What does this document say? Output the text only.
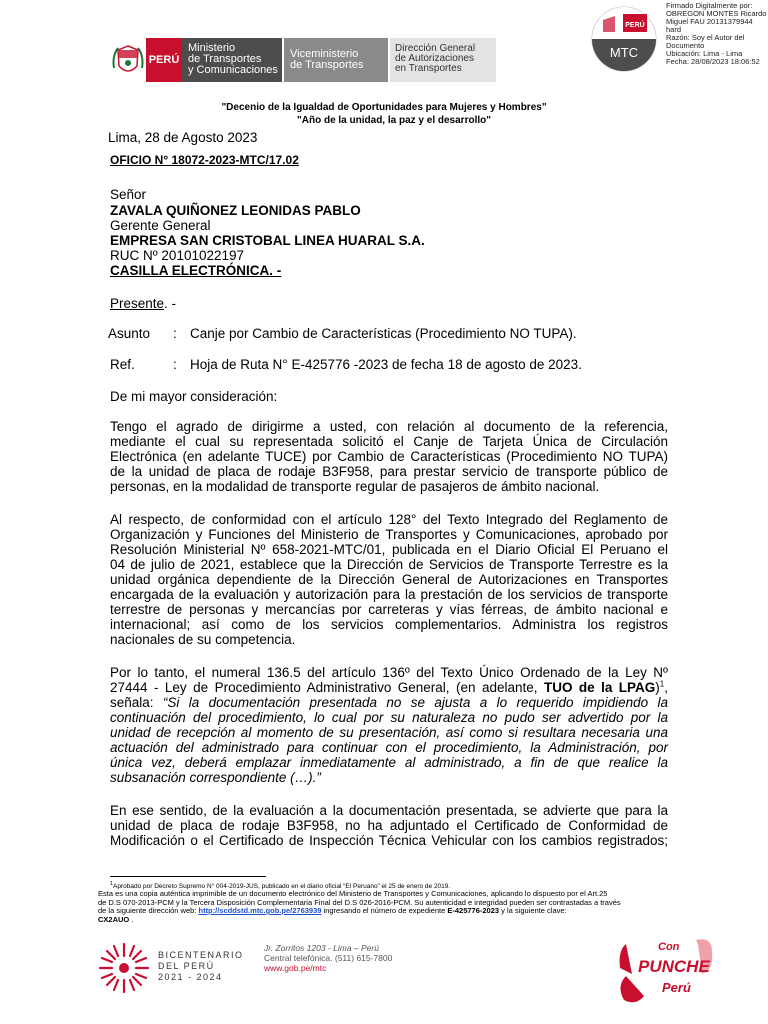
PERÚ
Ministerio
de Transportes
y Comunicaciones
Viceministerio
de Transportes
Dirección General
de Autorizaciones
en Transportes
PERÚ
MTC
Firmado Digitalmente por:
OBREGON MONTES Ricardo
Miguel FAU 20131379944
hard
Razón: Soy el Autor del
Documento
Ubicación: Lima - Lima
Fecha: 28/08/2023 18:06:52
"Decenio de la Igualdad de Oportunidades para Mujeres y Hombres"
"Año de la unidad, la paz y el desarrollo"
Lima, 28 de Agosto 2023
OFICIO N° 18072-2023-MTC/17.02
Señor
ZAVALA QUIÑONEZ LEONIDAS PABLO
Gerente General
EMPRESA SAN CRISTOBAL LINEA HUARAL S.A.
RUC Nº 20101022197
CASILLA ELECTRÓNICA. -
Presente. -
Asunto : Canje por Cambio de Características (Procedimiento NO TUPA).
Ref.	: Hoja de Ruta N° E-425776 -2023 de fecha 18 de agosto de 2023.
De mi mayor consideración:
Tengo el agrado de dirigirme a usted, con relación al documento de la referencia,
mediante el cual su representada solicitó el Canje de Tarjeta Única de Circulación
Electrónica (en adelante TUCE) por Cambio de Características (Procedimiento NO TUPA)
de la unidad de placa de rodaje B3F958, para prestar servicio de transporte público de
personas, en la modalidad de transporte regular de pasajeros de ámbito nacional.
Al respecto, de conformidad con el artículo 128° del Texto Integrado del Reglamento de
Organización y Funciones del Ministerio de Transportes y Comunicaciones, aprobado por
Resolución Ministerial Nº 658-2021-MTC/01, publicada en el Diario Oficial El Peruano el
04 de julio de 2021, establece que la Dirección de Servicios de Transporte Terrestre es la
unidad orgánica dependiente de la Dirección General de Autorizaciones en Transportes
encargada de la evaluación y autorización para la prestación de los servicios de transporte
terrestre de personas y mercancías por carreteras y vías férreas, de ámbito nacional e
internacional; así como de los servicios complementarios. Administra los registros
nacionales de su competencia.
Por lo tanto, el numeral 136.5 del artículo 136º del Texto Único Ordenado de la Ley Nº
27444 - Ley de Procedimiento Administrativo General, (en adelante, TUO de la LPAG)$^1$,
señala: “Si la documentación presentada no se ajusta a lo requerido impidiendo la
continuación del procedimiento, lo cual por su naturaleza no pudo ser advertido por la
unidad de recepción al momento de su presentación, así como si resultara necesaria una
actuación del administrado para continuar con el procedimiento, la Administración, por
única vez, deberá emplazar inmediatamente al administrado, a fin de que realice la
subsanación correspondiente (…).”
En ese sentido, de la evaluación a la documentación presentada, se advierte que para la
unidad de placa de rodaje B3F958, no ha adjuntado el Certificado de Conformidad de
Modificación o el Certificado de Inspección Técnica Vehicular con los cambios registrados;
$^1$Aprobado por Decreto Supremo N° 004-2019-JUS, publicado en el diario oficial “El Peruano” el 25 de enero de 2019.
Esta es una copia auténtica imprimible de un documento electrónico del Ministerio de Transportes y Comunicaciones, aplicando lo dispuesto por el Art.25
de D.S 070-2013-PCM y la Tercera Disposición Complementaria Final del D.S 026-2016-PCM. Su autenticidad e integridad pueden ser contrastadas a través
de la siguiente dirección web: http://scddstd.mtc.gob.pe/2763939 ingresando el número de expediente E-425776-2023 y la siguiente clave:
CX2AUO .
BICENTENARIO
DEL PERÚ
2021 - 2024
Jr. Zorritos 1203 - Lima – Perú
Central telefónica. (511) 615-7800
www.gob.pe/mtc
Con
PUNCHE
Perú
